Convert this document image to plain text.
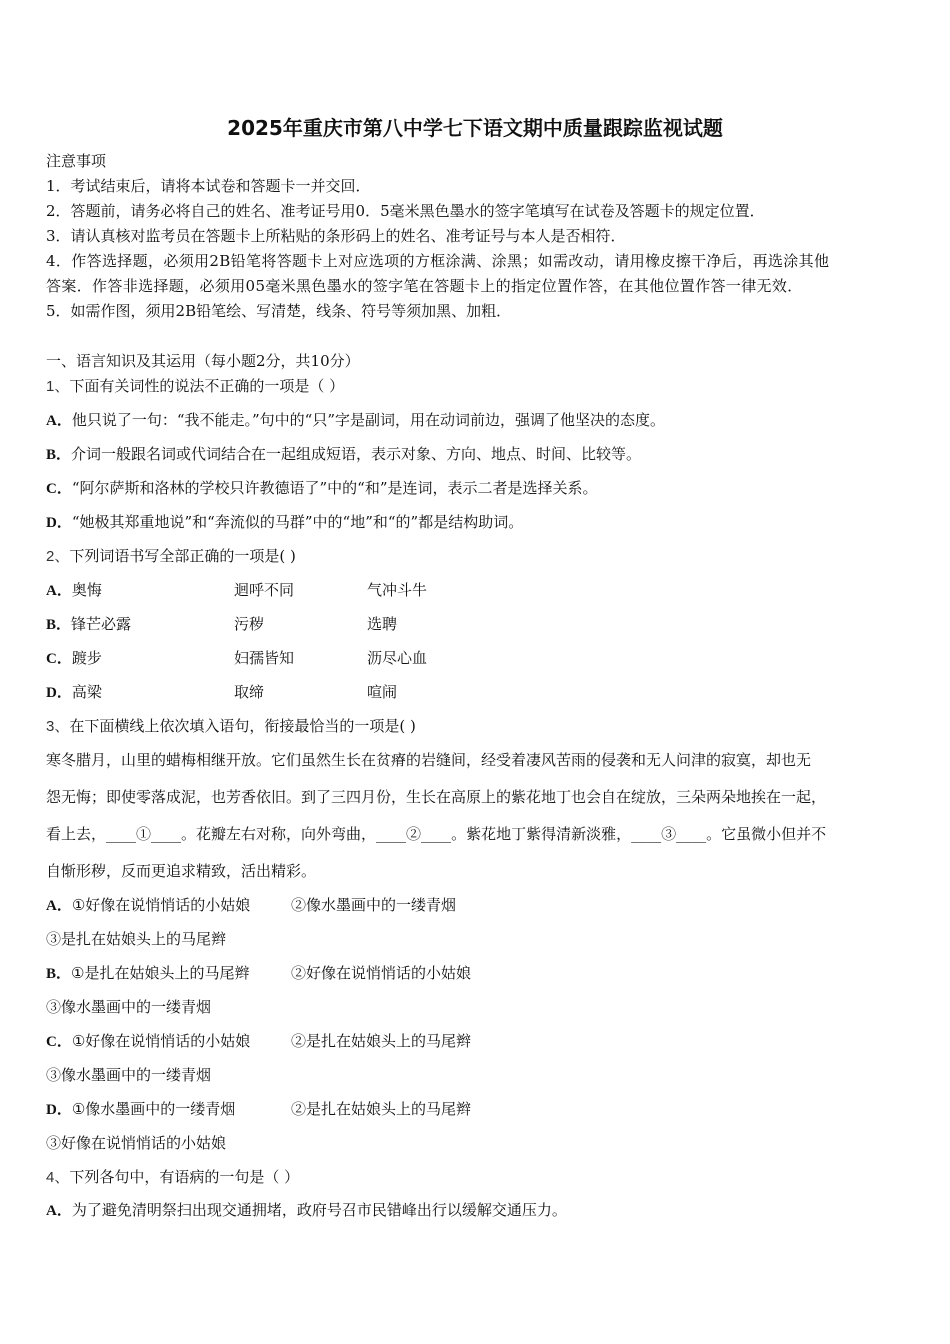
2025年重庆市第八中学七下语文期中质量跟踪监视试题
注意事项
1．考试结束后，请将本试卷和答题卡一并交回．
2．答题前，请务必将自己的姓名、准考证号用0．5毫米黑色墨水的签字笔填写在试卷及答题卡的规定位置．
3．请认真核对监考员在答题卡上所粘贴的条形码上的姓名、准考证号与本人是否相符．
4．作答选择题，必须用2B铅笔将答题卡上对应选项的方框涂满、涂黑；如需改动，请用橡皮擦干净后，再选涂其他
答案．作答非选择题，必须用05毫米黑色墨水的签字笔在答题卡上的指定位置作答，在其他位置作答一律无效．
5．如需作图，须用2B铅笔绘、写清楚，线条、符号等须加黑、加粗．
一、语言知识及其运用（每小题2分，共10分）
1、下面有关词性的说法不正确的一项是（ ）
A．他只说了一句：“我不能走。”句中的“只”字是副词，用在动词前边，强调了他坚决的态度。
B．介词一般跟名词或代词结合在一起组成短语，表示对象、方向、地点、时间、比较等。
C．“阿尔萨斯和洛林的学校只许教德语了”中的“和”是连词，表示二者是选择关系。
D．“她极其郑重地说”和“奔流似的马群”中的“地”和“的”都是结构助词。
2、下列词语书写全部正确的一项是( )
A．奥悔	迴呼不同	气冲斗牛
B．锋芒必露	污秽	选聘
C．踱步	妇孺皆知	沥尽心血
D．高梁	取缔	喧闹
3、在下面横线上依次填入语句，衔接最恰当的一项是( )
寒冬腊月，山里的蜡梅相继开放。它们虽然生长在贫瘠的岩缝间，经受着凄风苦雨的侵袭和无人问津的寂寞，却也无
怨无悔；即使零落成泥，也芳香依旧。到了三四月份，生长在高原上的紫花地丁也会自在绽放，三朵两朵地挨在一起，
看上去，____①____。花瓣左右对称，向外弯曲，____②____。紫花地丁紫得清新淡雅，____③____。它虽微小但并不
自惭形秽，反而更追求精致，活出精彩。
A．①好像在说悄悄话的小姑娘	②像水墨画中的一缕青烟
③是扎在姑娘头上的马尾辫
B．①是扎在姑娘头上的马尾辫	②好像在说悄悄话的小姑娘
③像水墨画中的一缕青烟
C．①好像在说悄悄话的小姑娘	②是扎在姑娘头上的马尾辫
③像水墨画中的一缕青烟
D．①像水墨画中的一缕青烟	②是扎在姑娘头上的马尾辫
③好像在说悄悄话的小姑娘
4、下列各句中，有语病的一句是（ ）
A．为了避免清明祭扫出现交通拥堵，政府号召市民错峰出行以缓解交通压力。
